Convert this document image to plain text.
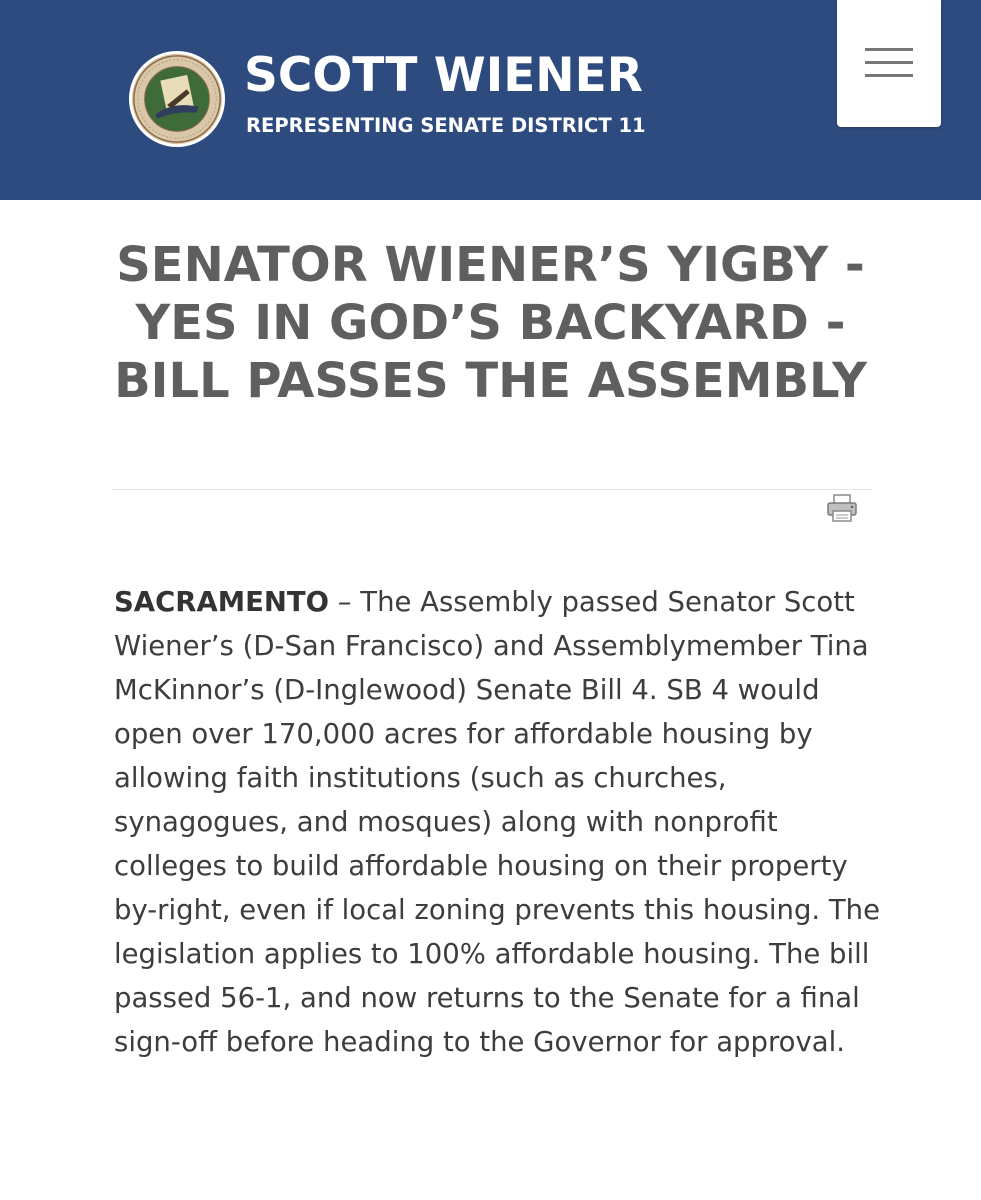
SCOTT WIENER
REPRESENTING SENATE DISTRICT 11
SENATOR WIENER’S YIGBY - YES IN GOD’S BACKYARD - BILL PASSES THE ASSEMBLY

SACRAMENTO – The Assembly passed Senator Scott Wiener’s (D-San Francisco) and Assemblymember Tina McKinnor’s (D-Inglewood) Senate Bill 4. SB 4 would open over 170,000 acres for affordable housing by allowing faith institutions (such as churches, synagogues, and mosques) along with nonprofit colleges to build affordable housing on their property by-right, even if local zoning prevents this housing. The legislation applies to 100% affordable housing. The bill passed 56-1, and now returns to the Senate for a final sign-off before heading to the Governor for approval.
